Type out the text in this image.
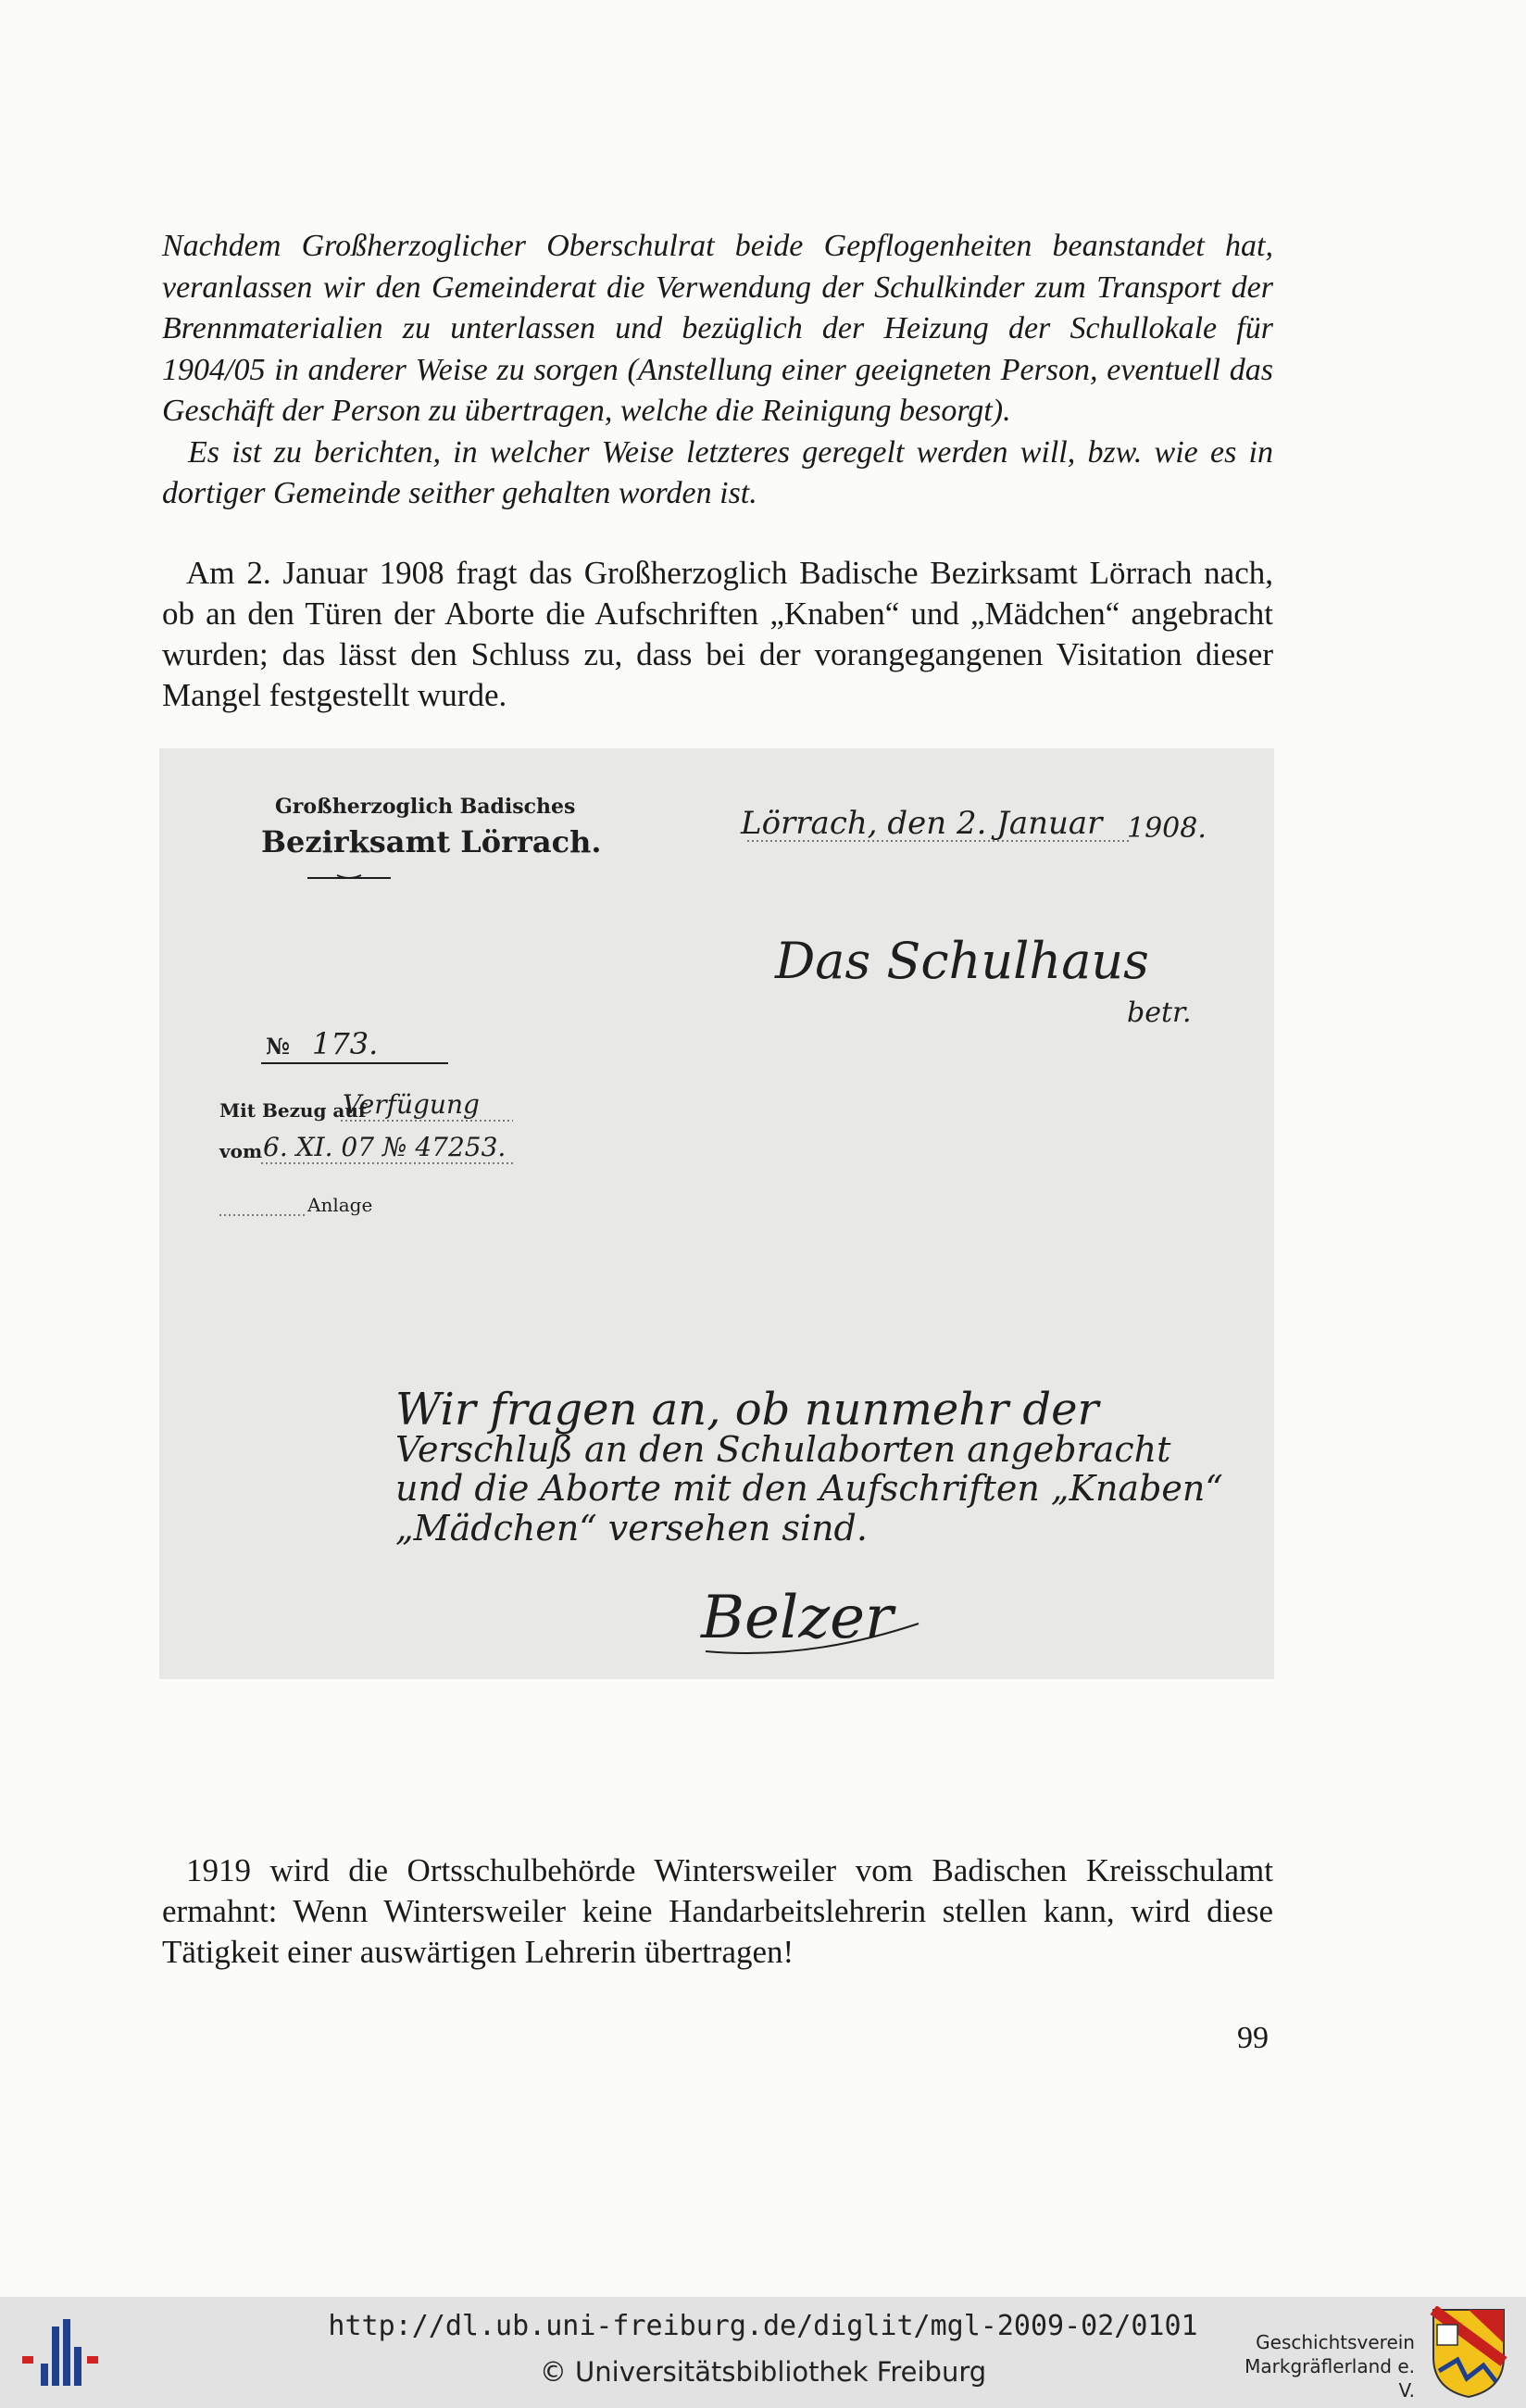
Nachdem Großherzoglicher Oberschulrat beide Gepflogenheiten beanstandet hat, veranlassen wir den Gemeinderat die Verwendung der Schulkinder zum Transport der Brennmaterialien zu unterlassen und bezüglich der Heizung der Schullokale für 1904/05 in anderer Weise zu sorgen (Anstellung einer geeigneten Person, eventuell das Geschäft der Person zu übertragen, welche die Reinigung besorgt).

Es ist zu berichten, in welcher Weise letzteres geregelt werden will, bzw. wie es in dortiger Gemeinde seither gehalten worden ist.

Am 2. Januar 1908 fragt das Großherzoglich Badische Bezirksamt Lörrach nach, ob an den Türen der Aborte die Aufschriften „Knaben“ und „Mädchen“ angebracht wurden; das lässt den Schluss zu, dass bei der vorangegangenen Visitation dieser Mangel festgestellt wurde.

Großherzoglich Badisches
Bezirksamt Lörrach.	Lörrach, den 2. Januar 1908.
Das Schulhaus
betr.
№ 173.
Mit Bezug auf
Verfügung
vom 6. XI. 07 № 47253.
Anlage
Wir fragen an, ob nunmehr der
Verschluß an den Schulaborten angebracht
und die Aborte mit den Aufschriften „Knaben“
„Mädchen“ versehen sind.
Belzer

1919 wird die Ortsschulbehörde Wintersweiler vom Badischen Kreisschulamt ermahnt: Wenn Wintersweiler keine Handarbeitslehrerin stellen kann, wird diese Tätigkeit einer auswärtigen Lehrerin übertragen!

99
http://dl.ub.uni-freiburg.de/diglit/mgl-2009-02/0101
© Universitätsbibliothek Freiburg
Geschichtsverein
Markgräflerland e. V.
